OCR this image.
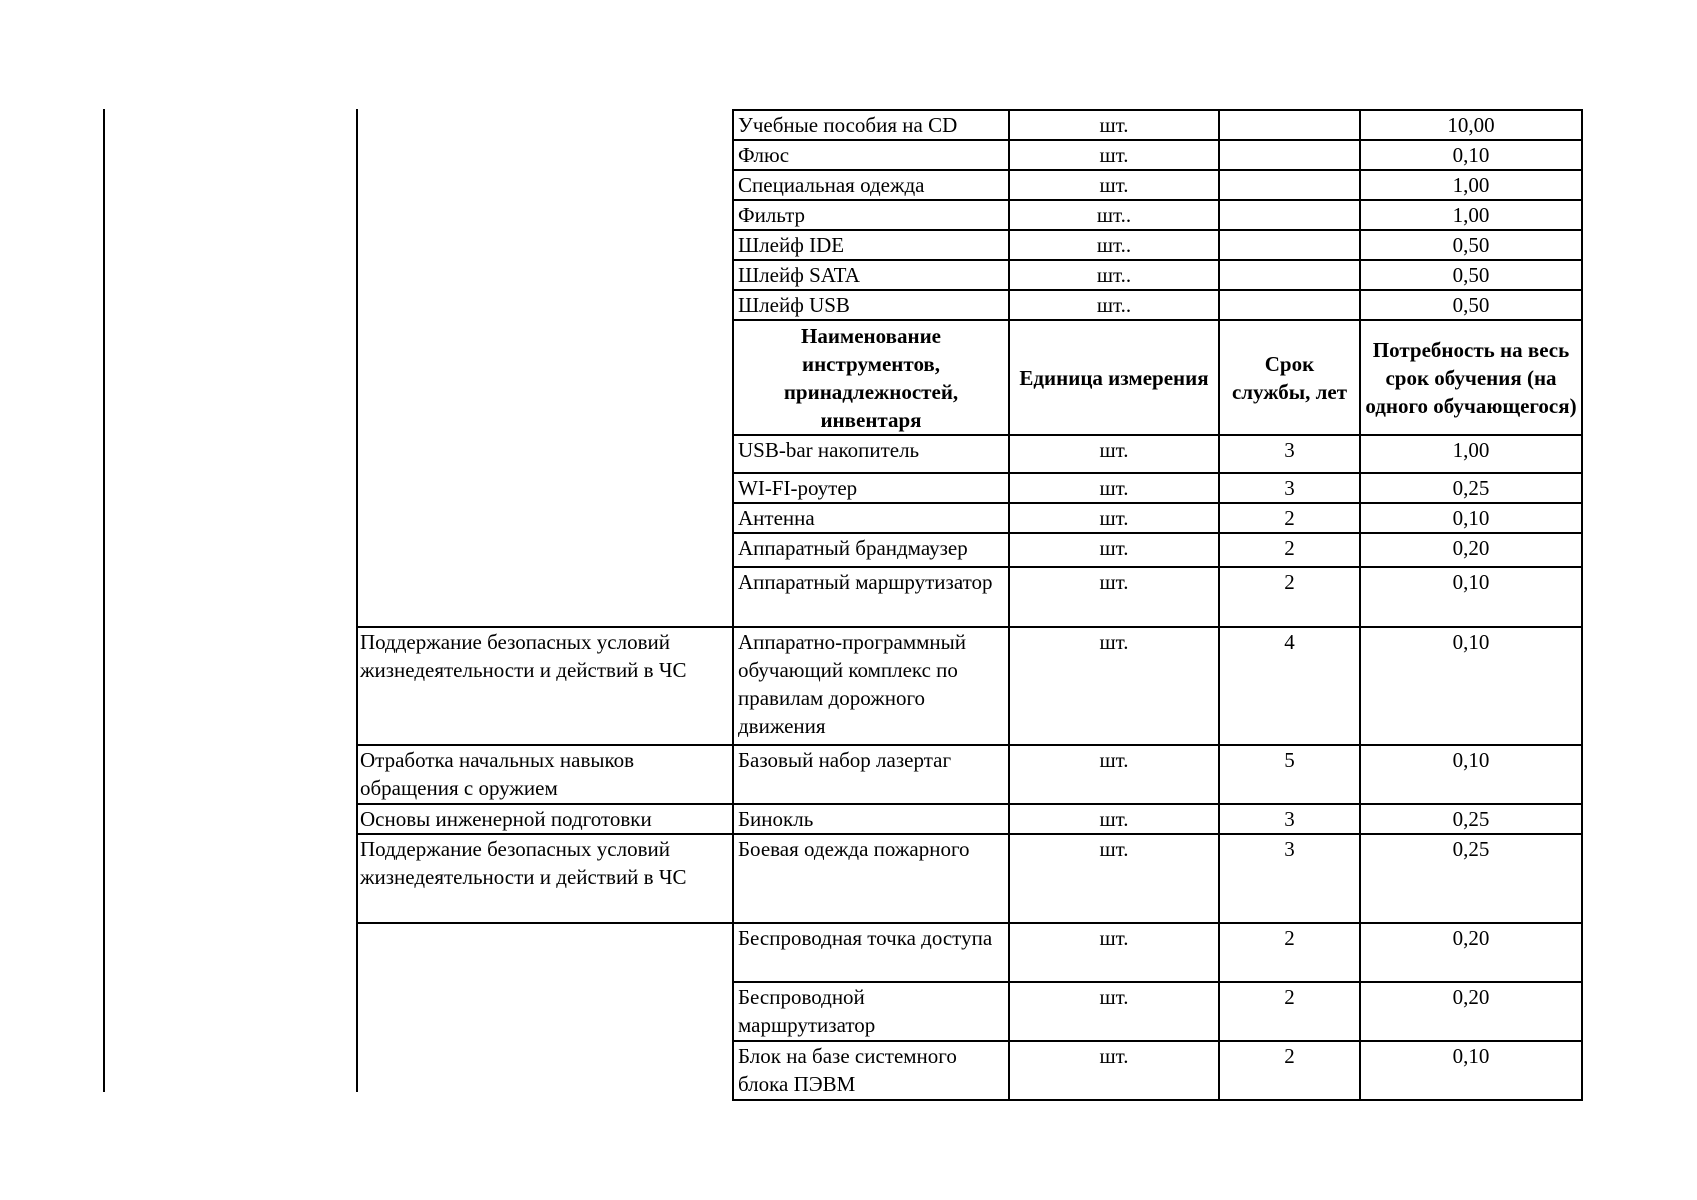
	Учебные пособия на CD	шт.		10,00
	Флюс	шт.		0,10
	Специальная одежда	шт.		1,00
	Фильтр	шт..		1,00
	Шлейф IDE	шт..		0,50
	Шлейф SATA	шт..		0,50
	Шлейф USB	шт..		0,50
	Наименование инструментов, принадлежностей, инвентаря	Единица измерения	Срок службы, лет	Потребность на весь срок обучения (на одного обучающегося)
	USB-bar накопитель	шт.	3	1,00
	WI-FI-роутер	шт.	3	0,25
	Антенна	шт.	2	0,10
	Аппаратный брандмаузер	шт.	2	0,20
	Аппаратный маршрутизатор	шт.	2	0,10
Поддержание безопасных условий жизнедеятельности и действий в ЧС	Аппаратно-программный обучающий комплекс по правилам дорожного движения	шт.	4	0,10
Отработка начальных навыков обращения с оружием	Базовый набор лазертаг	шт.	5	0,10
Основы инженерной подготовки	Бинокль	шт.	3	0,25
Поддержание безопасных условий жизнедеятельности и действий в ЧС	Боевая одежда пожарного	шт.	3	0,25
	Беспроводная точка доступа	шт.	2	0,20
	Беспроводной маршрутизатор	шт.	2	0,20
	Блок на базе системного блока ПЭВМ	шт.	2	0,10
